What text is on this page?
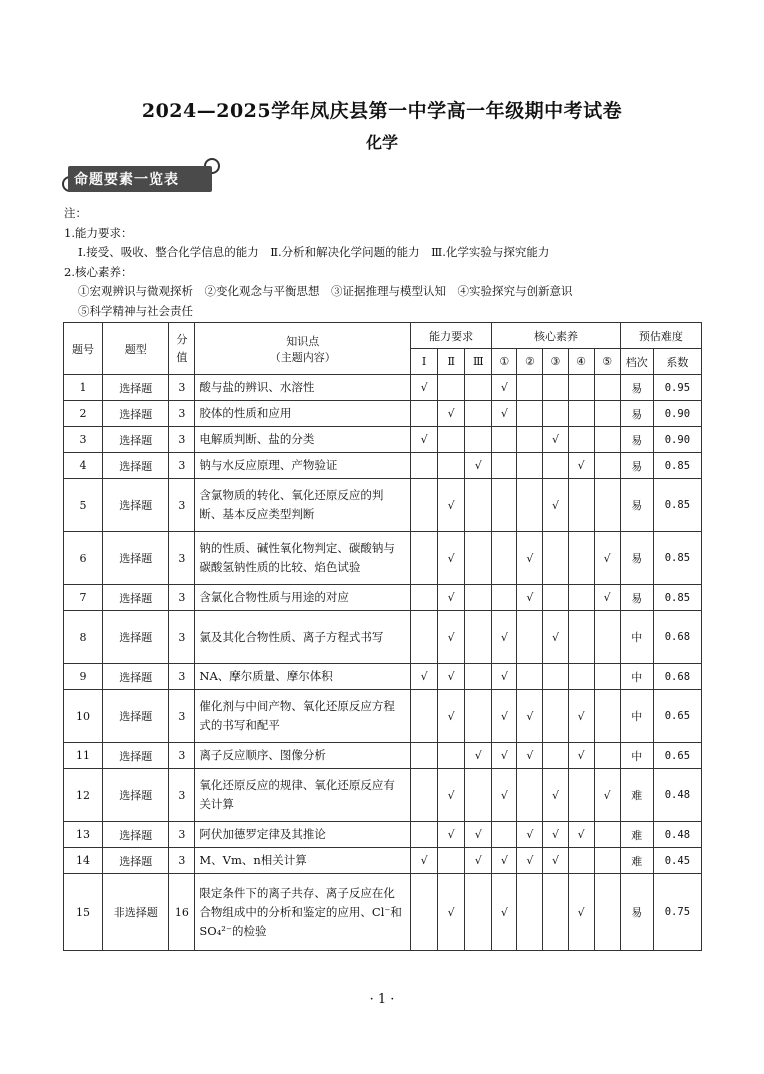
2024—2025学年凤庆县第一中学高一年级期中考试卷
化学
命题要素一览表
注：
1.能力要求：
Ⅰ.接受、吸收、整合化学信息的能力　Ⅱ.分析和解决化学问题的能力　Ⅲ.化学实验与探究能力
2.核心素养：
①宏观辨识与微观探析　②变化观念与平衡思想　③证据推理与模型认知　④实验探究与创新意识
⑤科学精神与社会责任
题号	题型	分值	知识点
（主题内容）	能力要求			核心素养					预估难度	
				Ⅰ	Ⅱ	Ⅲ	①	②	③	④	⑤	档次	系数
1	选择题	3	酸与盐的辨识、水溶性	√			√					易	0.95
2	选择题	3	胶体的性质和应用		√		√					易	0.90
3	选择题	3	电解质判断、盐的分类	√					√			易	0.90
4	选择题	3	钠与水反应原理、产物验证			√				√		易	0.85
5	选择题	3	含氯物质的转化、氧化还原反应的判断、基本反应类型判断		√				√			易	0.85
6	选择题	3	钠的性质、碱性氧化物判定、碳酸钠与碳酸氢钠性质的比较、焰色试验		√			√			√	易	0.85
7	选择题	3	含氯化合物性质与用途的对应		√			√			√	易	0.85
8	选择题	3	氯及其化合物性质、离子方程式书写		√		√		√			中	0.68
9	选择题	3	NA、摩尔质量、摩尔体积	√	√		√					中	0.68
10	选择题	3	催化剂与中间产物、氧化还原反应方程式的书写和配平		√		√	√		√		中	0.65
11	选择题	3	离子反应顺序、图像分析			√	√	√		√		中	0.65
12	选择题	3	氧化还原反应的规律、氧化还原反应有关计算		√		√		√		√	难	0.48
13	选择题	3	阿伏加德罗定律及其推论		√	√		√	√	√		难	0.48
14	选择题	3	M、Vm、n相关计算	√		√	√	√	√			难	0.45
15	非选择题	16	限定条件下的离子共存、离子反应在化合物组成中的分析和鉴定的应用、Cl⁻和SO₄²⁻的检验		√		√			√		易	0.75
· 1 ·
